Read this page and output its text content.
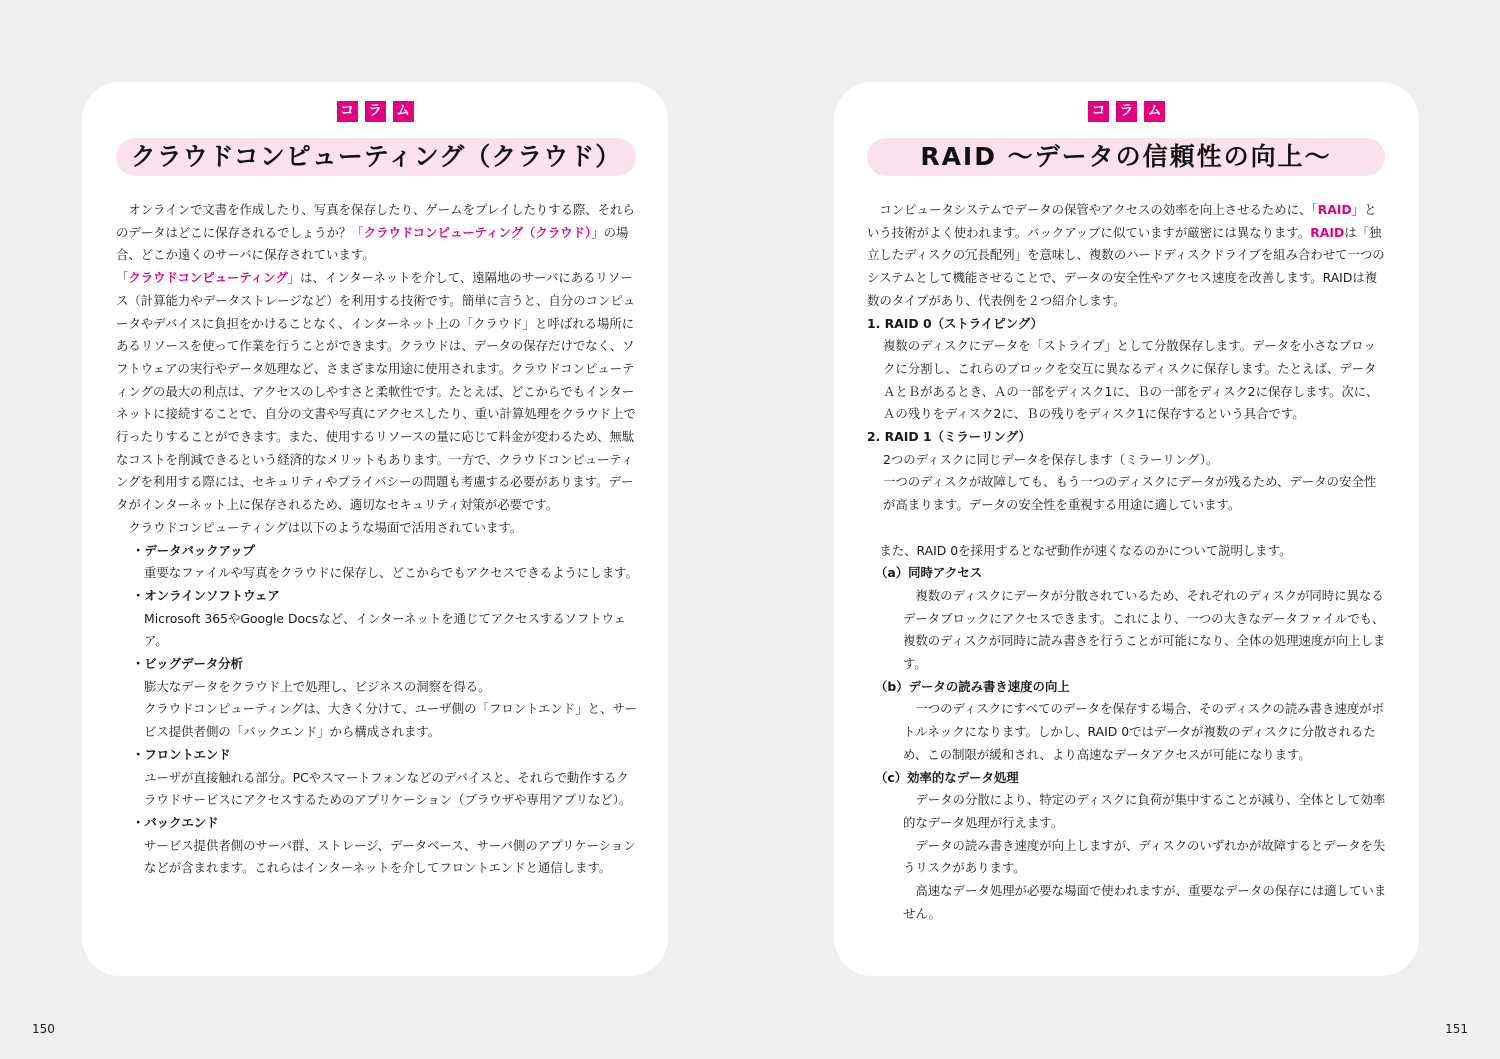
コ ラ ム
クラウドコンピューティング（クラウド）

オンラインで文書を作成したり、写真を保存したり、ゲームをプレイしたりする際、それらのデータはどこに保存されるでしょうか？「クラウドコンピューティング（クラウド）」の場合、どこか遠くのサーバに保存されています。

「クラウドコンピューティング」は、インターネットを介して、遠隔地のサーバにあるリソース（計算能力やデータストレージなど）を利用する技術です。簡単に言うと、自分のコンピュータやデバイスに負担をかけることなく、インターネット上の「クラウド」と呼ばれる場所にあるリソースを使って作業を行うことができます。クラウドは、データの保存だけでなく、ソフトウェアの実行やデータ処理など、さまざまな用途に使用されます。クラウドコンピューティングの最大の利点は、アクセスのしやすさと柔軟性です。たとえば、どこからでもインターネットに接続することで、自分の文書や写真にアクセスしたり、重い計算処理をクラウド上で行ったりすることができます。また、使用するリソースの量に応じて料金が変わるため、無駄なコストを削減できるという経済的なメリットもあります。一方で、クラウドコンピューティングを利用する際には、セキュリティやプライバシーの問題も考慮する必要があります。データがインターネット上に保存されるため、適切なセキュリティ対策が必要です。

クラウドコンピューティングは以下のような場面で活用されています。

・データバックアップ

重要なファイルや写真をクラウドに保存し、どこからでもアクセスできるようにします。

・オンラインソフトウェア

Microsoft 365やGoogle Docsなど、インターネットを通じてアクセスするソフトウェア。

・ビッグデータ分析

膨大なデータをクラウド上で処理し、ビジネスの洞察を得る。

クラウドコンピューティングは、大きく分けて、ユーザ側の「フロントエンド」と、サービス提供者側の「バックエンド」から構成されます。

・フロントエンド

ユーザが直接触れる部分。PCやスマートフォンなどのデバイスと、それらで動作するクラウドサービスにアクセスするためのアプリケーション（ブラウザや専用アプリなど）。

・バックエンド

サービス提供者側のサーバ群、ストレージ、データベース、サーバ側のアプリケーションなどが含まれます。これらはインターネットを介してフロントエンドと通信します。

コ ラ ム
RAID ～データの信頼性の向上～

コンピュータシステムでデータの保管やアクセスの効率を向上させるために、「RAID」という技術がよく使われます。バックアップに似ていますが厳密には異なります。RAIDは「独立したディスクの冗長配列」を意味し、複数のハードディスクドライブを組み合わせて一つのシステムとして機能させることで、データの安全性やアクセス速度を改善します。RAIDは複数のタイプがあり、代表例を２つ紹介します。

1. RAID 0（ストライピング）

複数のディスクにデータを「ストライプ」として分散保存します。データを小さなブロックに分割し、これらのブロックを交互に異なるディスクに保存します。たとえば、データＡとＢがあるとき、Ａの一部をディスク1に、Ｂの一部をディスク2に保存します。次に、Ａの残りをディスク2に、Ｂの残りをディスク1に保存するという具合です。

2. RAID 1（ミラーリング）

2つのディスクに同じデータを保存します（ミラーリング）。

一つのディスクが故障しても、もう一つのディスクにデータが残るため、データの安全性が高まります。データの安全性を重視する用途に適しています。

また、RAID 0を採用するとなぜ動作が速くなるのかについて説明します。

（a）同時アクセス

複数のディスクにデータが分散されているため、それぞれのディスクが同時に異なるデータブロックにアクセスできます。これにより、一つの大きなデータファイルでも、複数のディスクが同時に読み書きを行うことが可能になり、全体の処理速度が向上します。

（b）データの読み書き速度の向上

一つのディスクにすべてのデータを保存する場合、そのディスクの読み書き速度がボトルネックになります。しかし、RAID 0ではデータが複数のディスクに分散されるため、この制限が緩和され、より高速なデータアクセスが可能になります。

（c）効率的なデータ処理

データの分散により、特定のディスクに負荷が集中することが減り、全体として効率的なデータ処理が行えます。

データの読み書き速度が向上しますが、ディスクのいずれかが故障するとデータを失うリスクがあります。

高速なデータ処理が必要な場面で使われますが、重要なデータの保存には適していません。

150	151
